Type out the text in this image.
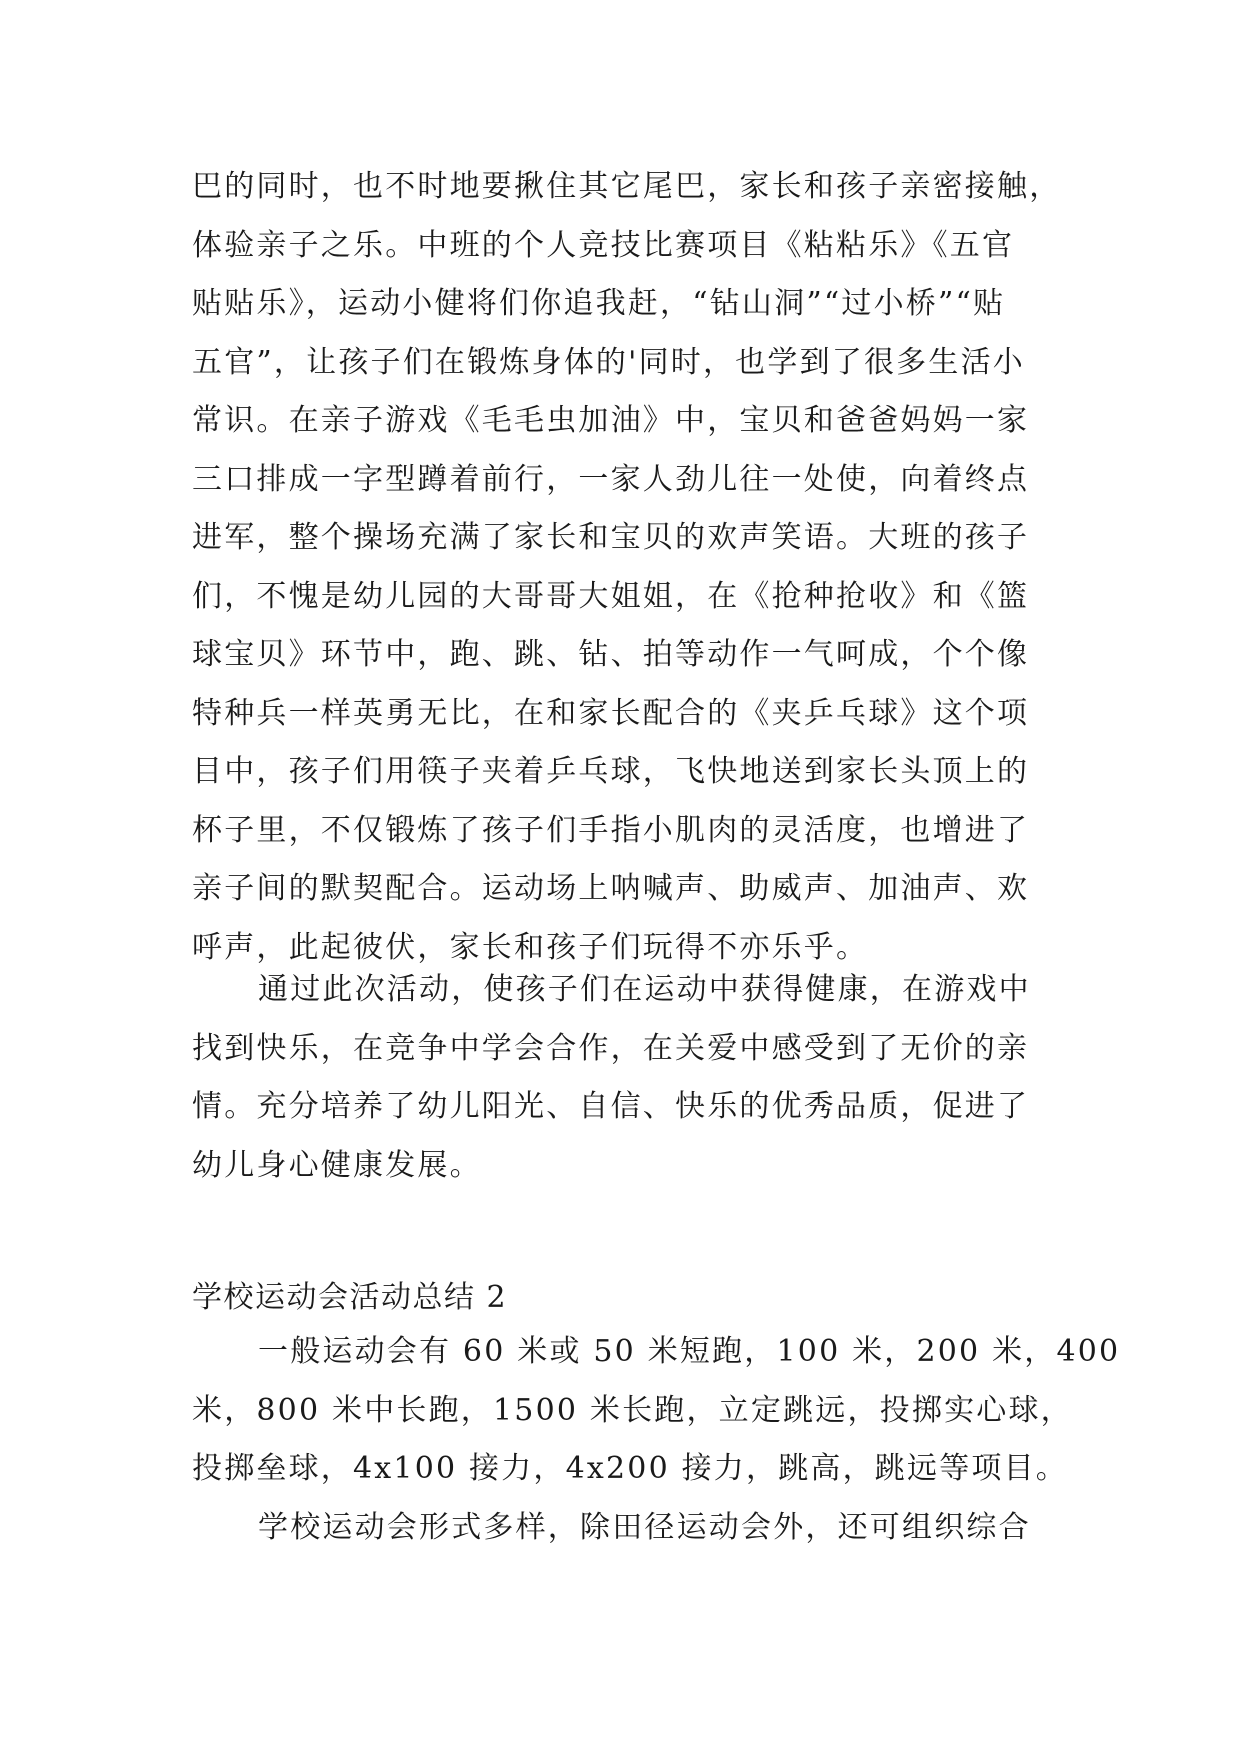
巴的同时，也不时地要揪住其它尾巴，家长和孩子亲密接触，
体验亲子之乐。中班的个人竞技比赛项目《粘粘乐》《五官
贴贴乐》，运动小健将们你追我赶，“钻山洞”“过小桥”“贴
五官”，让孩子们在锻炼身体的'同时，也学到了很多生活小
常识。在亲子游戏《毛毛虫加油》中，宝贝和爸爸妈妈一家
三口排成一字型蹲着前行，一家人劲儿往一处使，向着终点
进军，整个操场充满了家长和宝贝的欢声笑语。大班的孩子
们，不愧是幼儿园的大哥哥大姐姐，在《抢种抢收》和《篮
球宝贝》环节中，跑、跳、钻、拍等动作一气呵成，个个像
特种兵一样英勇无比，在和家长配合的《夹乒乓球》这个项
目中，孩子们用筷子夹着乒乓球，飞快地送到家长头顶上的
杯子里，不仅锻炼了孩子们手指小肌肉的灵活度，也增进了
亲子间的默契配合。运动场上呐喊声、助威声、加油声、欢
呼声，此起彼伏，家长和孩子们玩得不亦乐乎。
通过此次活动，使孩子们在运动中获得健康，在游戏中
找到快乐，在竞争中学会合作，在关爱中感受到了无价的亲
情。充分培养了幼儿阳光、自信、快乐的优秀品质，促进了
幼儿身心健康发展。
学校运动会活动总结 2
一般运动会有 60 米或 50 米短跑，100 米，200 米，400
米，800 米中长跑，1500 米长跑，立定跳远，投掷实心球，
投掷垒球，4x100 接力，4x200 接力，跳高，跳远等项目。
学校运动会形式多样，除田径运动会外，还可组织综合
